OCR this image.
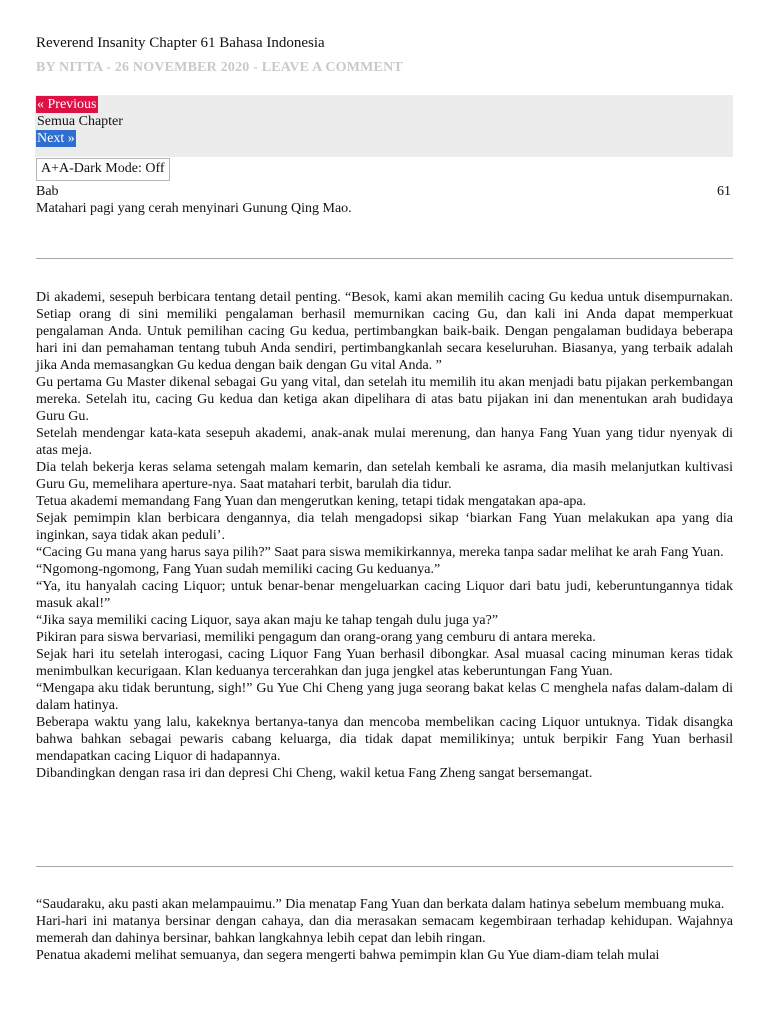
Reverend Insanity Chapter 61 Bahasa Indonesia
BY NITTA - 26 NOVEMBER 2020 - LEAVE A COMMENT
« Previous
Semua Chapter
Next »
A+A-Dark Mode: Off
Bab	61
Matahari pagi yang cerah menyinari Gunung Qing Mao.

Di akademi, sesepuh berbicara tentang detail penting. “Besok, kami akan memilih cacing Gu kedua untuk disempurnakan. Setiap orang di sini memiliki pengalaman berhasil memurnikan cacing Gu, dan kali ini Anda dapat memperkuat pengalaman Anda. Untuk pemilihan cacing Gu kedua, pertimbangkan baik-baik. Dengan pengalaman budidaya beberapa hari ini dan pemahaman tentang tubuh Anda sendiri, pertimbangkanlah secara keseluruhan. Biasanya, yang terbaik adalah jika Anda memasangkan Gu kedua dengan baik dengan Gu vital Anda. ”

Gu pertama Gu Master dikenal sebagai Gu yang vital, dan setelah itu memilih itu akan menjadi batu pijakan perkembangan mereka. Setelah itu, cacing Gu kedua dan ketiga akan dipelihara di atas batu pijakan ini dan menentukan arah budidaya Guru Gu.

Setelah mendengar kata-kata sesepuh akademi, anak-anak mulai merenung, dan hanya Fang Yuan yang tidur nyenyak di atas meja.

Dia telah bekerja keras selama setengah malam kemarin, dan setelah kembali ke asrama, dia masih melanjutkan kultivasi Guru Gu, memelihara aperture-nya. Saat matahari terbit, barulah dia tidur.

Tetua akademi memandang Fang Yuan dan mengerutkan kening, tetapi tidak mengatakan apa-apa.

Sejak pemimpin klan berbicara dengannya, dia telah mengadopsi sikap ‘biarkan Fang Yuan melakukan apa yang dia inginkan, saya tidak akan peduli’.

“Cacing Gu mana yang harus saya pilih?” Saat para siswa memikirkannya, mereka tanpa sadar melihat ke arah Fang Yuan.

“Ngomong-ngomong, Fang Yuan sudah memiliki cacing Gu keduanya.”

“Ya, itu hanyalah cacing Liquor; untuk benar-benar mengeluarkan cacing Liquor dari batu judi, keberuntungannya tidak masuk akal!”

“Jika saya memiliki cacing Liquor, saya akan maju ke tahap tengah dulu juga ya?”

Pikiran para siswa bervariasi, memiliki pengagum dan orang-orang yang cemburu di antara mereka.

Sejak hari itu setelah interogasi, cacing Liquor Fang Yuan berhasil dibongkar. Asal muasal cacing minuman keras tidak menimbulkan kecurigaan. Klan keduanya tercerahkan dan juga jengkel atas keberuntungan Fang Yuan.

“Mengapa aku tidak beruntung, sigh!” Gu Yue Chi Cheng yang juga seorang bakat kelas C menghela nafas dalam-dalam di dalam hatinya.

Beberapa waktu yang lalu, kakeknya bertanya-tanya dan mencoba membelikan cacing Liquor untuknya. Tidak disangka bahwa bahkan sebagai pewaris cabang keluarga, dia tidak dapat memilikinya; untuk berpikir Fang Yuan berhasil mendapatkan cacing Liquor di hadapannya.

Dibandingkan dengan rasa iri dan depresi Chi Cheng, wakil ketua Fang Zheng sangat bersemangat.

“Saudaraku, aku pasti akan melampauimu.” Dia menatap Fang Yuan dan berkata dalam hatinya sebelum membuang muka.

Hari-hari ini matanya bersinar dengan cahaya, dan dia merasakan semacam kegembiraan terhadap kehidupan. Wajahnya memerah dan dahinya bersinar, bahkan langkahnya lebih cepat dan lebih ringan.

Penatua akademi melihat semuanya, dan segera mengerti bahwa pemimpin klan Gu Yue diam-diam telah mulai
